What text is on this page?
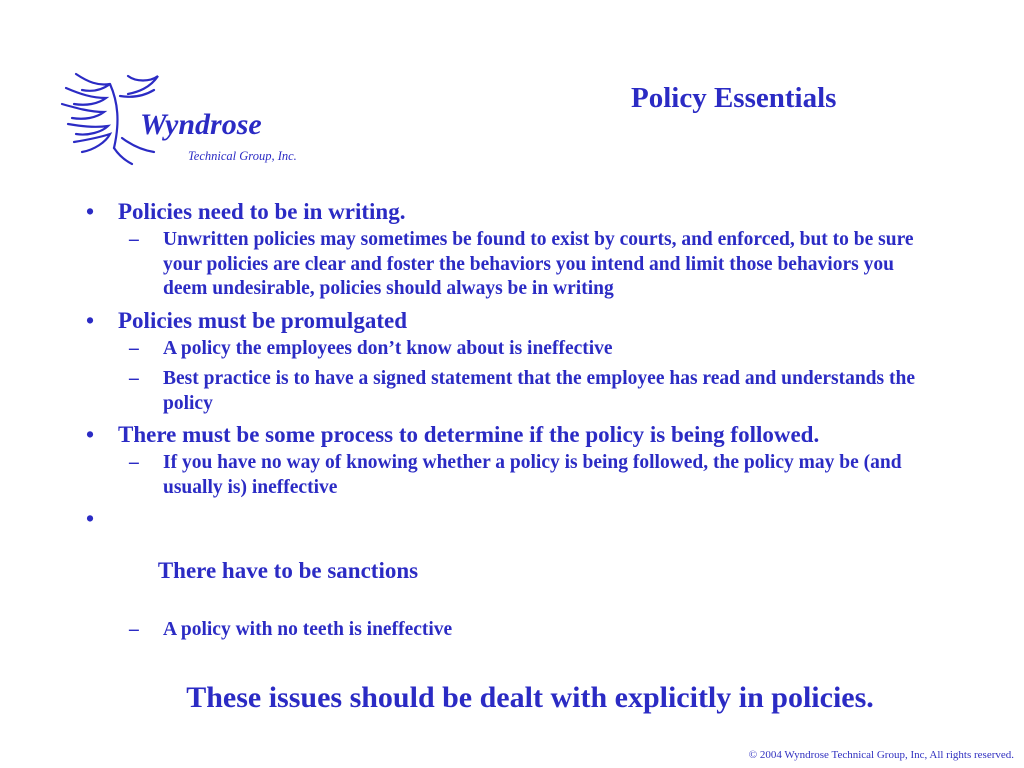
Wyndrose
Technical Group, Inc.
Policy Essentials
• Policies need to be in writing.
– Unwritten policies may sometimes be found to exist by courts, and enforced, but to be sure your policies are clear and foster the behaviors you intend and limit those behaviors you deem undesirable, policies should always be in writing
• Policies must be promulgated
– A policy the employees don’t know about is ineffective
– Best practice is to have a signed statement that the employee has read and understands the policy
• There must be some process to determine if the policy is being followed.
– If you have no way of knowing whether a policy is being followed, the policy may be (and usually is) ineffective

•

There have to be sanctions

– A policy with no teeth is ineffective
These issues should be dealt with explicitly in policies.
© 2004 Wyndrose Technical Group, Inc, All rights reserved.
